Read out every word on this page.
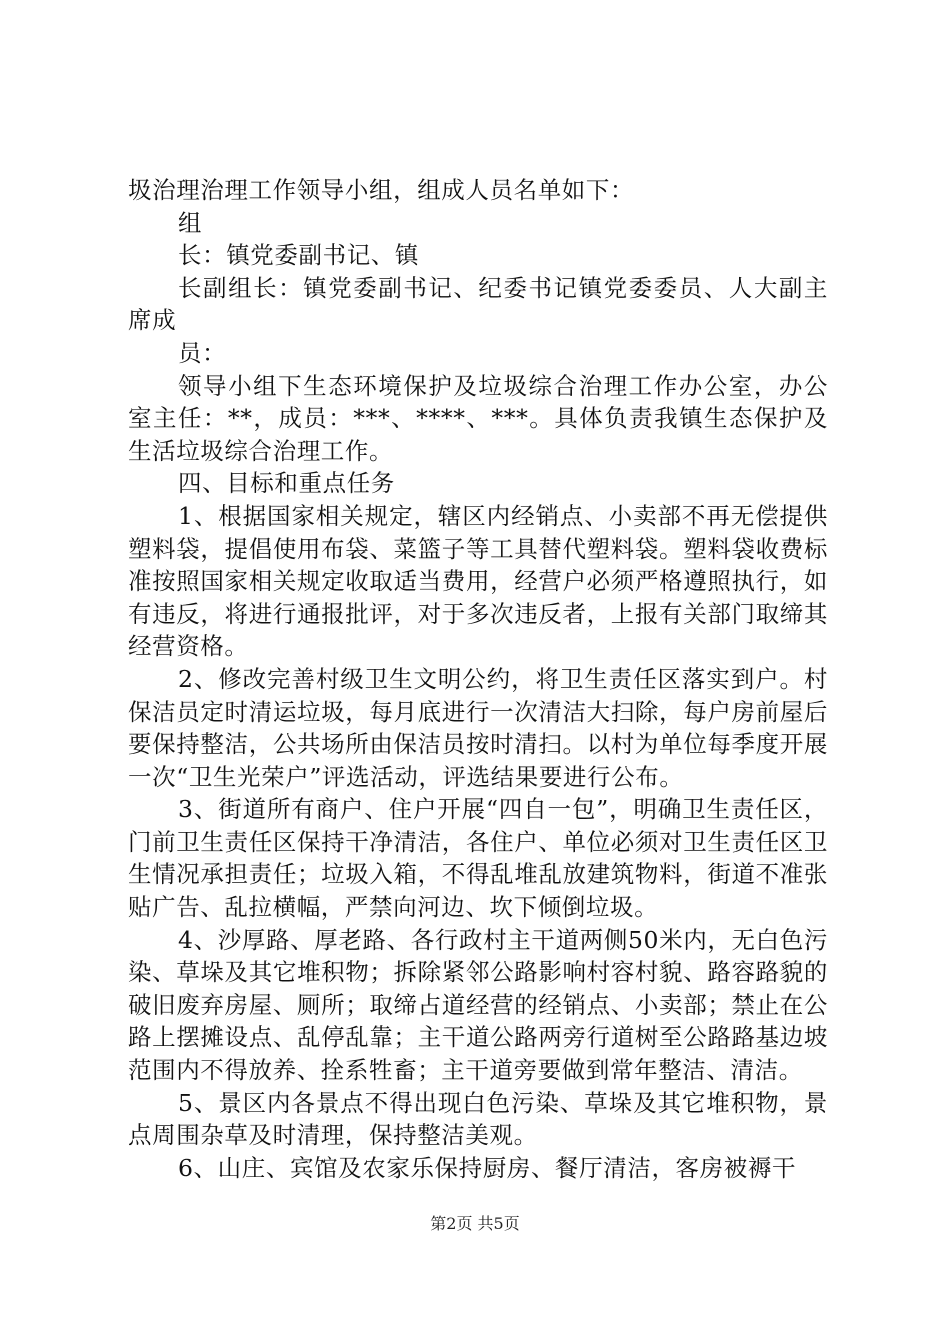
圾治理治理工作领导小组，组成人员名单如下：

组

长：镇党委副书记、镇

长副组长：镇党委副书记、纪委书记镇党委委员、人大副主席成

员：

领导小组下生态环境保护及垃圾综合治理工作办公室，办公室主任：**，成员：***、****、***。具体负责我镇生态保护及生活垃圾综合治理工作。

四、目标和重点任务

1、根据国家相关规定，辖区内经销点、小卖部不再无偿提供塑料袋，提倡使用布袋、菜篮子等工具替代塑料袋。塑料袋收费标准按照国家相关规定收取适当费用，经营户必须严格遵照执行，如有违反，将进行通报批评，对于多次违反者，上报有关部门取缔其经营资格。

2、修改完善村级卫生文明公约，将卫生责任区落实到户。村保洁员定时清运垃圾，每月底进行一次清洁大扫除，每户房前屋后要保持整洁，公共场所由保洁员按时清扫。以村为单位每季度开展一次“卫生光荣户”评选活动，评选结果要进行公布。

3、街道所有商户、住户开展“四自一包”，明确卫生责任区，门前卫生责任区保持干净清洁，各住户、单位必须对卫生责任区卫生情况承担责任；垃圾入箱，不得乱堆乱放建筑物料，街道不准张贴广告、乱拉横幅，严禁向河边、坎下倾倒垃圾。

4、沙厚路、厚老路、各行政村主干道两侧50米内，无白色污染、草垛及其它堆积物；拆除紧邻公路影响村容村貌、路容路貌的破旧废弃房屋、厕所；取缔占道经营的经销点、小卖部；禁止在公路上摆摊设点、乱停乱靠；主干道公路两旁行道树至公路路基边坡范围内不得放养、拴系牲畜；主干道旁要做到常年整洁、清洁。

5、景区内各景点不得出现白色污染、草垛及其它堆积物，景点周围杂草及时清理，保持整洁美观。

6、山庄、宾馆及农家乐保持厨房、餐厅清洁，客房被褥干

第2页 共5页
